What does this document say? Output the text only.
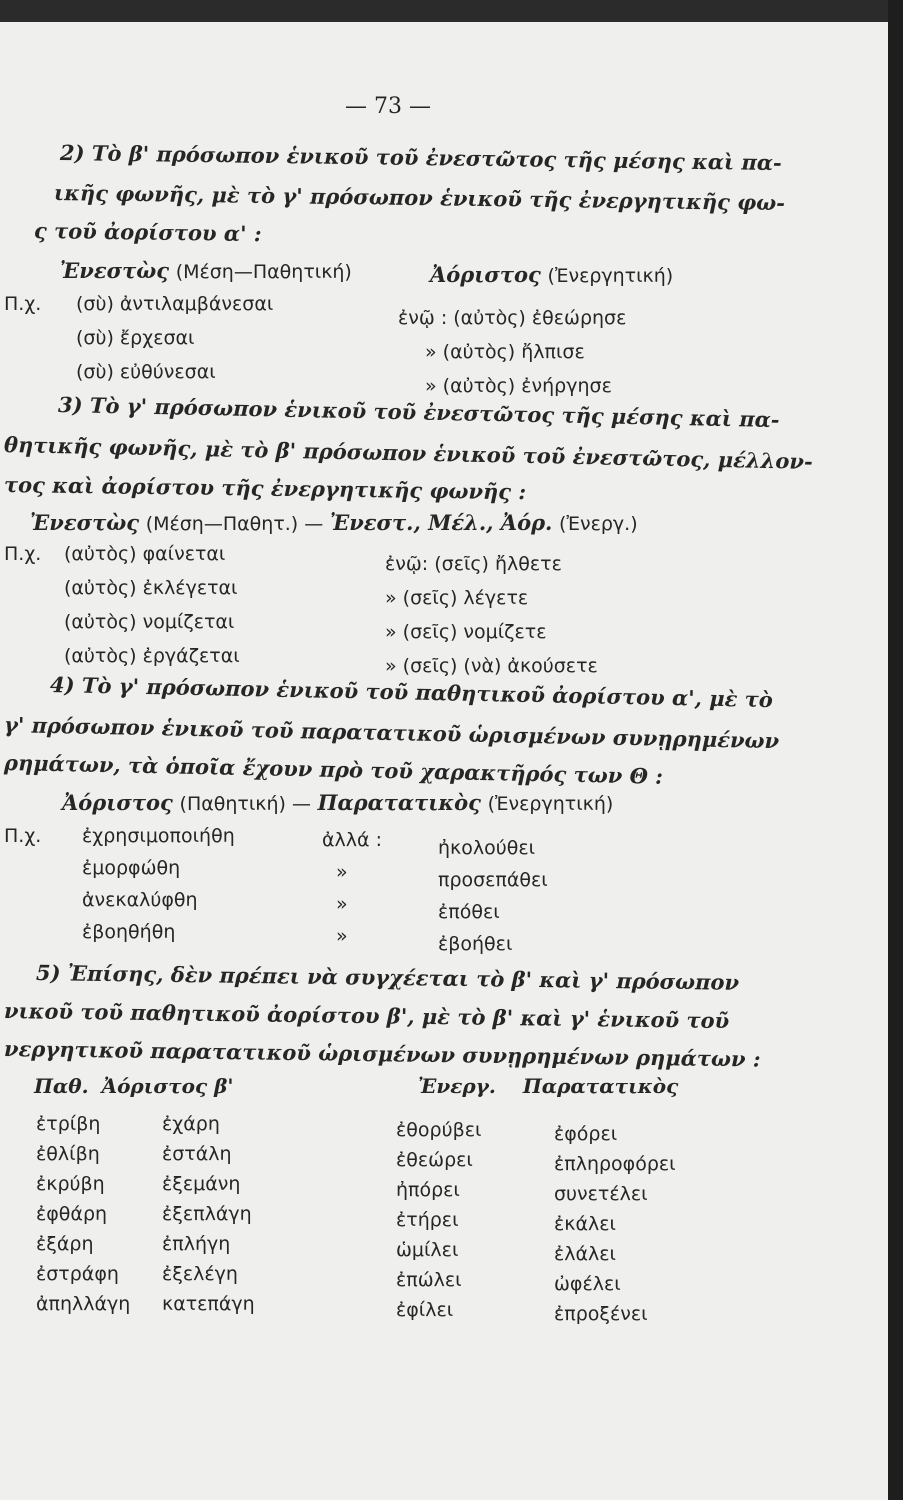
— 73 —
2) Τὸ β' πρόσωπον ἑνικοῦ τοῦ ἐνεστῶτος τῆς μέσης καὶ πα-
ικῆς φωνῆς, μὲ τὸ γ' πρόσωπον ἑνικοῦ τῆς ἐνεργητικῆς φω-
ς τοῦ ἀορίστου α' :
Ἐνεστὼς (Μέση—Παθητική)	Ἀόριστος (Ἐνεργητική)
Π.χ. (σὺ) ἀντιλαμβάνεσαι
(σὺ) ἔρχεσαι
(σὺ) εὐθύνεσαι
ἐνῷ : (αὐτὸς) ἐθεώρησε
» (αὐτὸς) ἤλπισε
» (αὐτὸς) ἐνήργησε
3) Τὸ γ' πρόσωπον ἑνικοῦ τοῦ ἐνεστῶτος τῆς μέσης καὶ πα-
θητικῆς φωνῆς, μὲ τὸ β' πρόσωπον ἑνικοῦ τοῦ ἐνεστῶτος, μέλλον-
τος καὶ ἀορίστου τῆς ἐνεργητικῆς φωνῆς :
Ἐνεστὼς (Μέση—Παθητ.) — Ἐνεστ., Μέλ., Ἀόρ. (Ἐνεργ.)
Π.χ. (αὐτὸς) φαίνεται
(αὐτὸς) ἐκλέγεται
(αὐτὸς) νομίζεται
(αὐτὸς) ἐργάζεται
ἐνῷ: (σεῖς) ἤλθετε
» (σεῖς) λέγετε
» (σεῖς) νομίζετε
» (σεῖς) (νὰ) ἀκούσετε
4) Τὸ γ' πρόσωπον ἑνικοῦ τοῦ παθητικοῦ ἀορίστου α', μὲ τὸ
γ' πρόσωπον ἑνικοῦ τοῦ παρατατικοῦ ὡρισμένων συνῃρημένων
ρημάτων, τὰ ὁποῖα ἔχουν πρὸ τοῦ χαρακτῆρός των Θ :
Ἀόριστος (Παθητική) — Παρατατικὸς (Ἐνεργητική)
Π.χ. ἐχρησιμοποιήθη
ἐμορφώθη
ἀνεκαλύφθη
ἐβοηθήθη
ἀλλά :
»
»
»
ἠκολούθει
προσεπάθει
ἐπόθει
ἐβοήθει
5) Ἐπίσης, δὲν πρέπει νὰ συγχέεται τὸ β' καὶ γ' πρόσωπον
νικοῦ τοῦ παθητικοῦ ἀορίστου β', μὲ τὸ β' καὶ γ' ἑνικοῦ τοῦ
νεργητικοῦ παρατατικοῦ ὡρισμένων συνῃρημένων ρημάτων :
Παθ. Ἀόριστος β'	Ἐνεργ. Παρατατικὸς
ἐτρίβη
ἐθλίβη
ἐκρύβη
ἐφθάρη
ἐξάρη
ἐστράφη
ἀπηλλάγη
ἐχάρη
ἐστάλη
ἐξεμάνη
ἐξεπλάγη
ἐπλήγη
ἐξελέγη
κατεπάγη
ἐθορύβει
ἐθεώρει
ἠπόρει
ἐτήρει
ὡμίλει
ἐπώλει
ἐφίλει
ἐφόρει
ἐπληροφόρει
συνετέλει
ἐκάλει
ἐλάλει
ὠφέλει
ἐπροξένει
